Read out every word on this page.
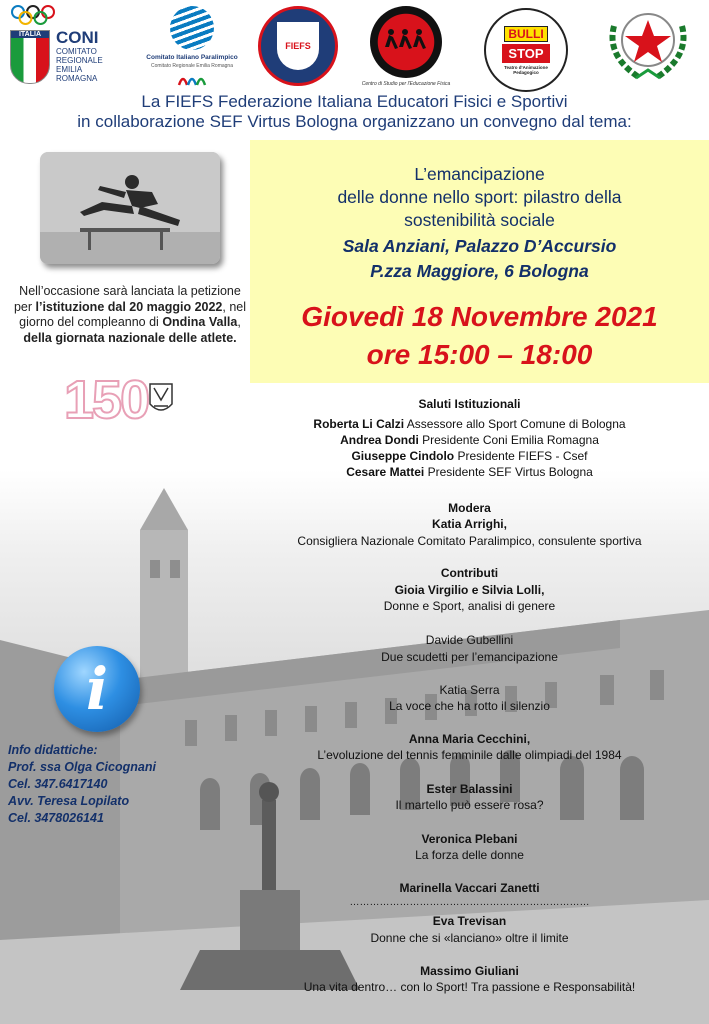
ITALIA CONI
COMITATO
REGIONALE
EMILIA ROMAGNA
Comitato Italiano Paralimpico
Comitato Regionale Emilia Romagna
FIEFS
Centro di Studio per l'Educazione Fisica
BULLI
STOP
Teatro d'Animazione Pedagogico
La FIEFS Federazione Italiana Educatori Fisici e Sportivi
in collaborazione SEF Virtus Bologna organizzano un convegno dal tema:
Nell’occasione sarà lanciata la petizione per l’istituzione dal 20 maggio 2022, nel giorno del compleanno di Ondina Valla, della giornata nazionale delle atlete.
150
L’emancipazione
delle donne nello sport: pilastro della
sostenibilità sociale
Sala Anziani, Palazzo D’Accursio
P.zza Maggiore, 6 Bologna
Giovedì 18 Novembre 2021
ore 15:00 – 18:00
Saluti Istituzionali
Roberta Li Calzi Assessore allo Sport Comune di Bologna
Andrea Dondi Presidente Coni Emilia Romagna
Giuseppe Cindolo Presidente FIEFS - Csef
Cesare Mattei Presidente SEF Virtus Bologna
Modera
Katia Arrighi,
Consigliera Nazionale Comitato Paralimpico, consulente sportiva
Contributi
Gioia Virgilio e Silvia Lolli,
Donne e Sport, analisi di genere
Davide Gubellini
Due scudetti per l’emancipazione
Katia Serra
La voce che ha rotto il silenzio
Anna Maria Cecchini,
L’evoluzione del tennis femminile dalle olimpiadi del 1984
Ester Balassini
Il martello può essere rosa?
Veronica Plebani
La forza delle donne
Marinella Vaccari Zanetti
………………………………………………………………
Eva Trevisan
Donne che si «lanciano» oltre il limite
Massimo Giuliani
Una vita dentro… con lo Sport! Tra passione e Responsabilità!
i
Info didattiche:
Prof. ssa Olga Cicognani
Cel. 347.6417140
Avv. Teresa Lopilato
Cel. 3478026141
